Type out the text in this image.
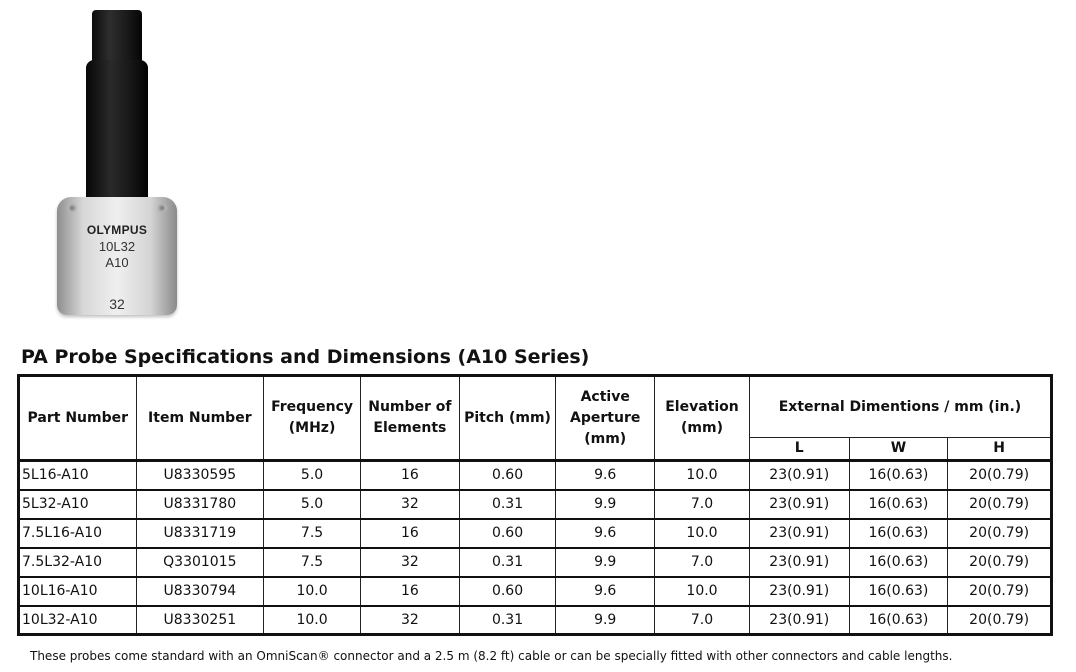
OLYMPUS
10L32
A10
32
PA Probe Specifications and Dimensions (A10 Series)
Part Number	Item Number	Frequency (MHz)	Number of Elements	Pitch (mm)	Active Aperture (mm)	Elevation (mm)	External Dimentions / mm (in.)		
							L	W	H
5L16-A10	U8330595	5.0	16	0.60	9.6	10.0	23(0.91)	16(0.63)	20(0.79)
5L32-A10	U8331780	5.0	32	0.31	9.9	7.0	23(0.91)	16(0.63)	20(0.79)
7.5L16-A10	U8331719	7.5	16	0.60	9.6	10.0	23(0.91)	16(0.63)	20(0.79)
7.5L32-A10	Q3301015	7.5	32	0.31	9.9	7.0	23(0.91)	16(0.63)	20(0.79)
10L16-A10	U8330794	10.0	16	0.60	9.6	10.0	23(0.91)	16(0.63)	20(0.79)
10L32-A10	U8330251	10.0	32	0.31	9.9	7.0	23(0.91)	16(0.63)	20(0.79)

These probes come standard with an OmniScan® connector and a 2.5 m (8.2 ft) cable or can be specially fitted with other connectors and cable lengths.
